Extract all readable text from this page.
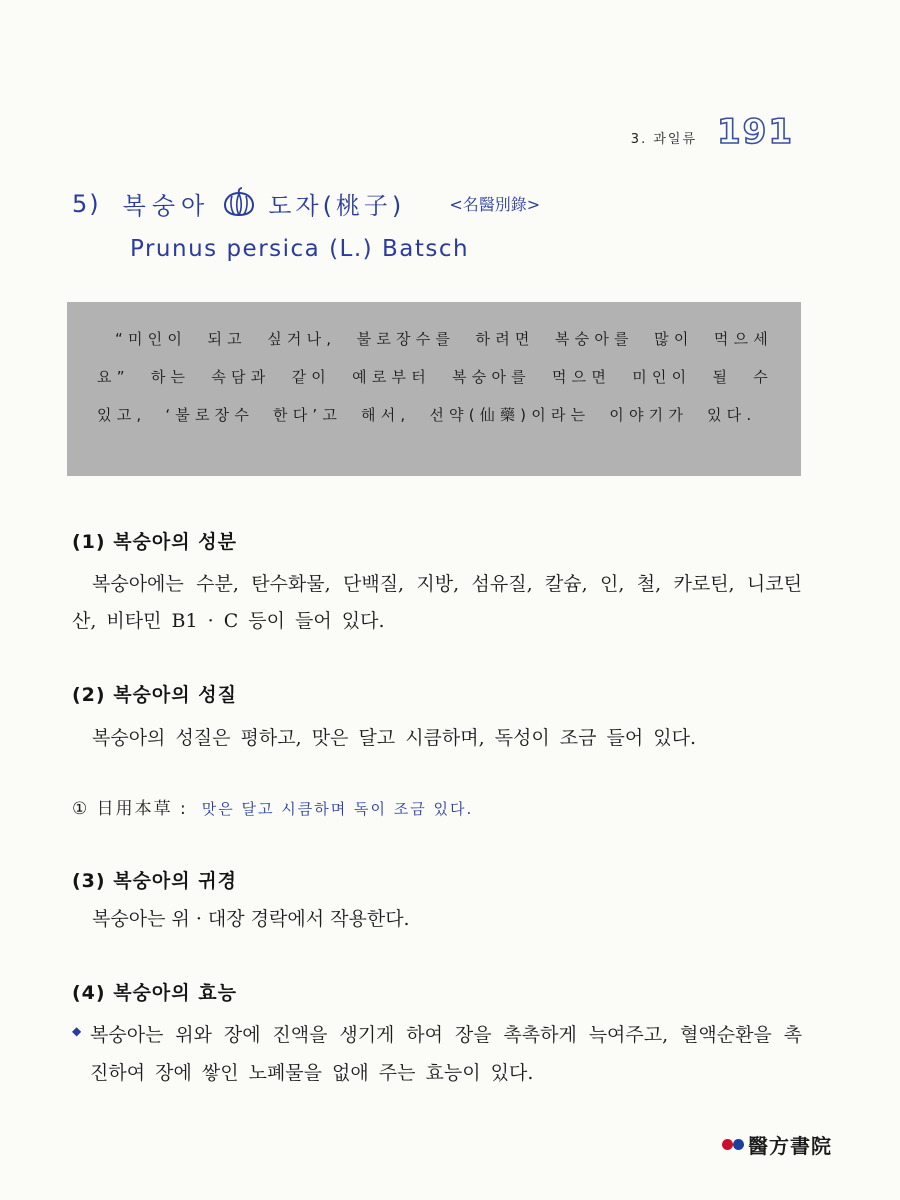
3. 과일류 191
5) 복숭아 도자(桃子)	<名醫別錄>
Prunus persica (L.) Batsch
“미인이 되고 싶거나, 불로장수를 하려면 복숭아를 많이 먹으세요” 하는 속담과 같이 예로부터 복숭아를 먹으면 미인이 될 수 있고, ‘불로장수 한다’고 해서, 선약(仙藥)이라는 이야기가 있다.
(1) 복숭아의 성분
복숭아에는 수분, 탄수화물, 단백질, 지방, 섬유질, 칼슘, 인, 철, 카로틴, 니코틴산, 비타민 B1 · C 등이 들어 있다.
(2) 복숭아의 성질
복숭아의 성질은 평하고, 맛은 달고 시큼하며, 독성이 조금 들어 있다.
① 日用本草 : 맛은 달고 시큼하며 독이 조금 있다.
(3) 복숭아의 귀경
복숭아는 위 · 대장 경락에서 작용한다.
(4) 복숭아의 효능
◆ 복숭아는 위와 장에 진액을 생기게 하여 장을 촉촉하게 늑여주고, 혈액순환을 촉진하여 장에 쌓인 노폐물을 없애 주는 효능이 있다.
醫方書院
